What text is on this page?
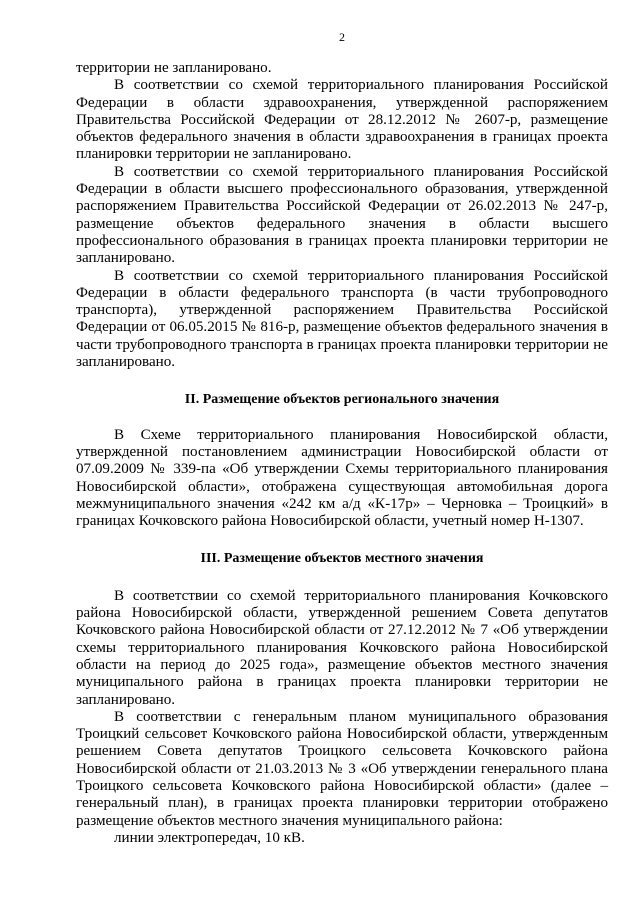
2

территории не запланировано.

В соответствии со схемой территориального планирования Российской Федерации в области здравоохранения, утвержденной распоряжением Правительства Российской Федерации от 28.12.2012 № 2607-р, размещение объектов федерального значения в области здравоохранения в границах проекта планировки территории не запланировано.

В соответствии со схемой территориального планирования Российской Федерации в области высшего профессионального образования, утвержденной распоряжением Правительства Российской Федерации от 26.02.2013 № 247-р, размещение объектов федерального значения в области высшего профессионального образования в границах проекта планировки территории не запланировано.

В соответствии со схемой территориального планирования Российской Федерации в области федерального транспорта (в части трубопроводного транспорта), утвержденной распоряжением Правительства Российской Федерации от 06.05.2015 № 816-р, размещение объектов федерального значения в части трубопроводного транспорта в границах проекта планировки территории не запланировано.

II. Размещение объектов регионального значения

В Схеме территориального планирования Новосибирской области, утвержденной постановлением администрации Новосибирской области от 07.09.2009 № 339-па «Об утверждении Схемы территориального планирования Новосибирской области», отображена существующая автомобильная дорога межмуниципального значения «242 км а/д «К-17р» – Черновка – Троицкий» в границах Кочковского района Новосибирской области, учетный номер Н-1307.

III. Размещение объектов местного значения

В соответствии со схемой территориального планирования Кочковского района Новосибирской области, утвержденной решением Совета депутатов Кочковского района Новосибирской области от 27.12.2012 № 7 «Об утверждении схемы территориального планирования Кочковского района Новосибирской области на период до 2025 года», размещение объектов местного значения муниципального района в границах проекта планировки территории не запланировано.

В соответствии с генеральным планом муниципального образования Троицкий сельсовет Кочковского района Новосибирской области, утвержденным решением Совета депутатов Троицкого сельсовета Кочковского района Новосибирской области от 21.03.2013 № 3 «Об утверждении генерального плана Троицкого сельсовета Кочковского района Новосибирской области» (далее – генеральный план), в границах проекта планировки территории отображено размещение объектов местного значения муниципального района:

линии электропередач, 10 кВ.
